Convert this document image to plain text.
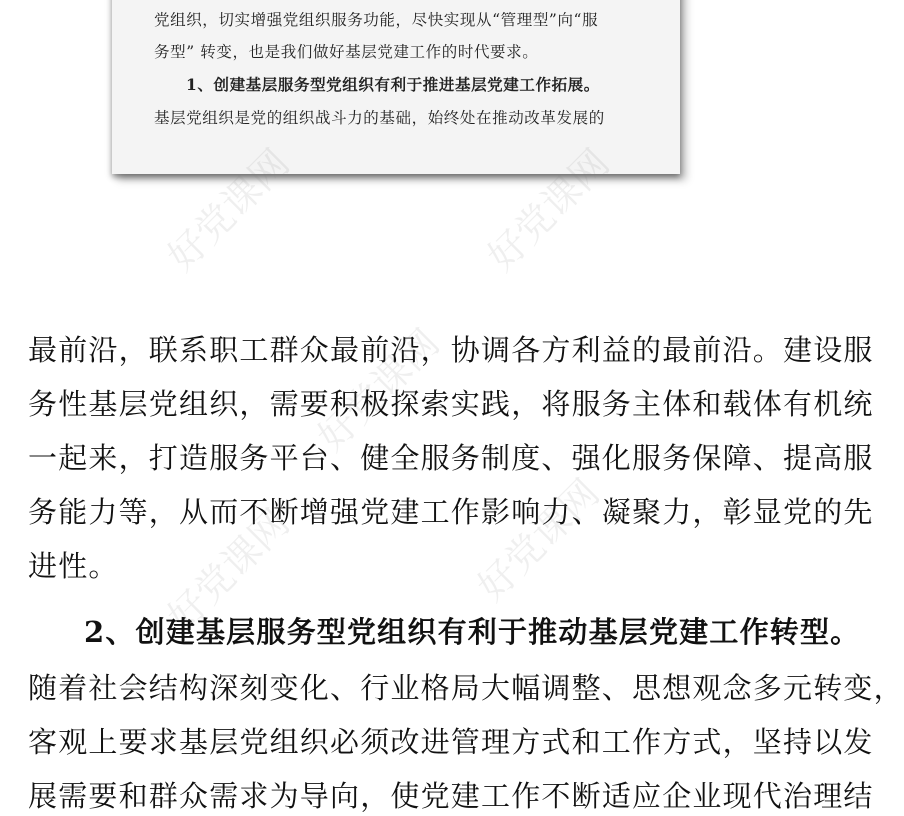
党组织，切实增强党组织服务功能，尽快实现从“管理型”向“服
务型” 转变，也是我们做好基层党建工作的时代要求。
1、创建基层服务型党组织有利于推进基层党建工作拓展。
基层党组织是党的组织战斗力的基础，始终处在推动改革发展的
最前沿，联系职工群众最前沿，协调各方利益的最前沿。建设服
务性基层党组织，需要积极探索实践，将服务主体和载体有机统
一起来，打造服务平台、健全服务制度、强化服务保障、提高服
务能力等，从而不断增强党建工作影响力、凝聚力，彰显党的先
进性。
2、创建基层服务型党组织有利于推动基层党建工作转型。
随着社会结构深刻变化、行业格局大幅调整、思想观念多元转变，
客观上要求基层党组织必须改进管理方式和工作方式，坚持以发
展需要和群众需求为导向，使党建工作不断适应企业现代治理结
好党课网	好党课网
好党课网
好党课网	好党课网
